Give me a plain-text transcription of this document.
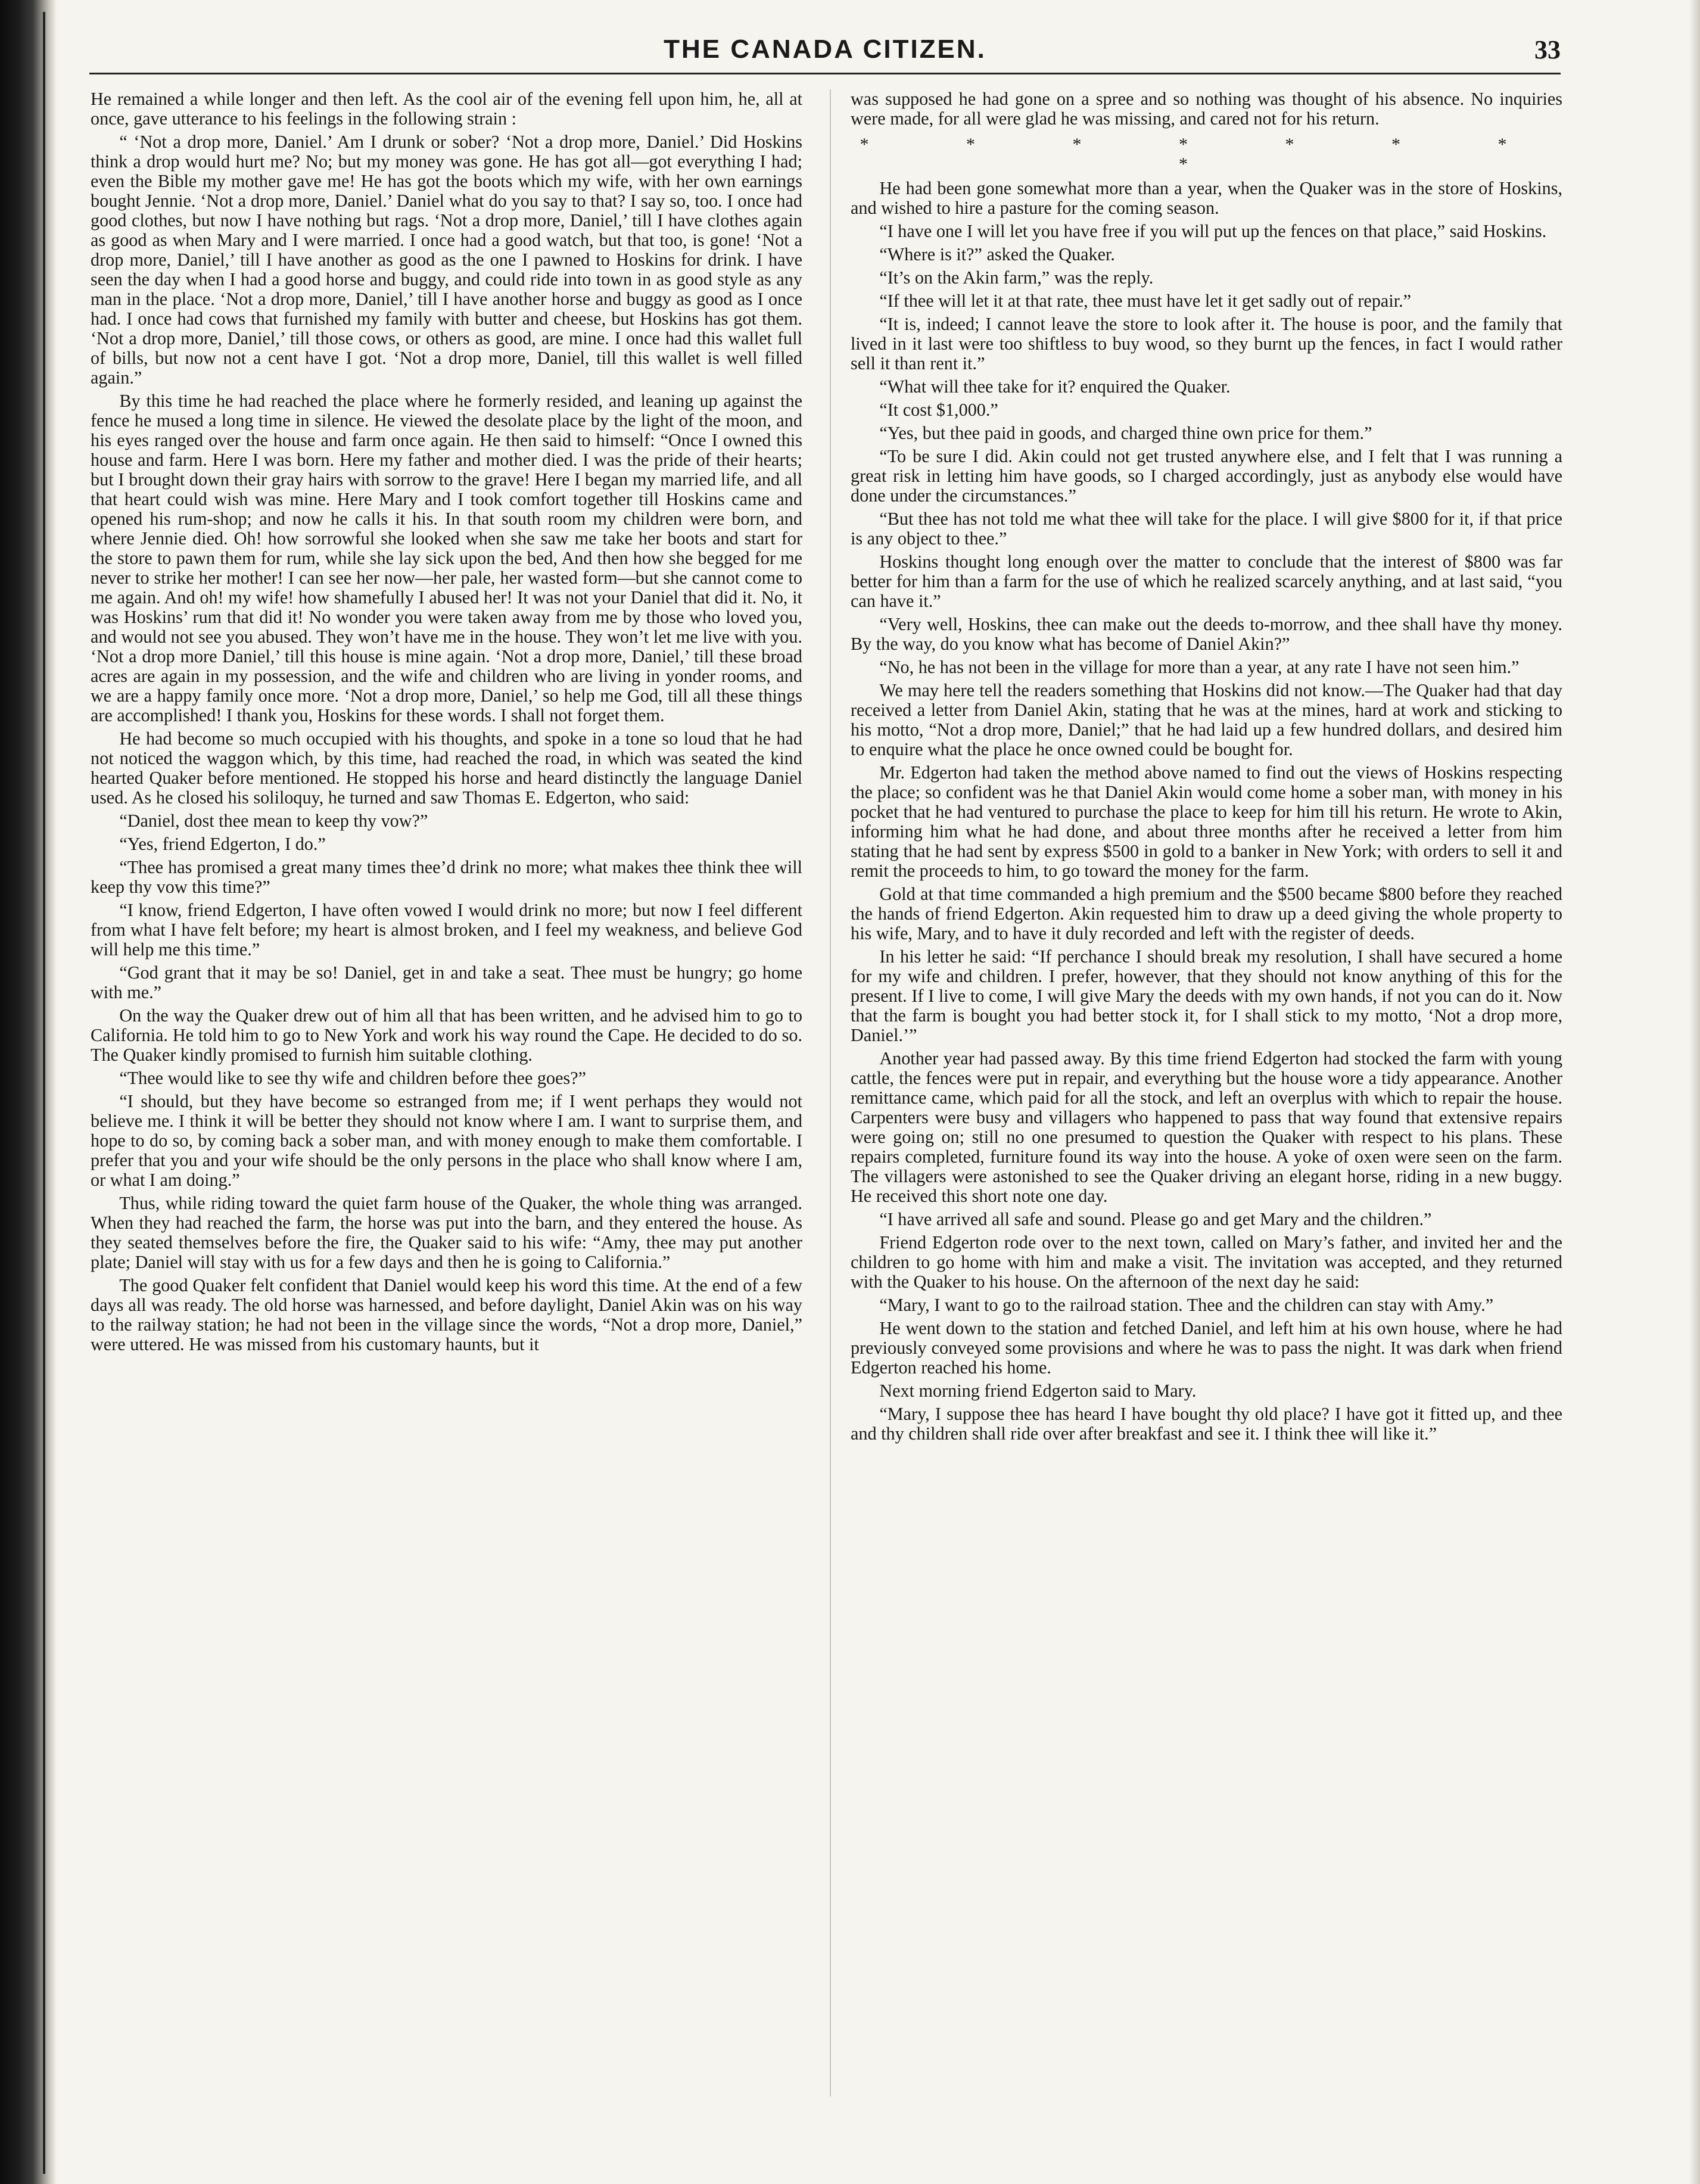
THE CANADA CITIZEN.	33

He remained a while longer and then left. As the cool air of the evening fell upon him, he, all at once, gave utterance to his feelings in the following strain :

“ ‘Not a drop more, Daniel.’ Am I drunk or sober? ‘Not a drop more, Daniel.’ Did Hoskins think a drop would hurt me? No; but my money was gone. He has got all—got everything I had; even the Bible my mother gave me! He has got the boots which my wife, with her own earnings bought Jennie. ‘Not a drop more, Daniel.’ Daniel what do you say to that? I say so, too. I once had good clothes, but now I have nothing but rags. ‘Not a drop more, Daniel,’ till I have clothes again as good as when Mary and I were married. I once had a good watch, but that too, is gone! ‘Not a drop more, Daniel,’ till I have another as good as the one I pawned to Hoskins for drink. I have seen the day when I had a good horse and buggy, and could ride into town in as good style as any man in the place. ‘Not a drop more, Daniel,’ till I have another horse and buggy as good as I once had. I once had cows that furnished my family with butter and cheese, but Hoskins has got them. ‘Not a drop more, Daniel,’ till those cows, or others as good, are mine. I once had this wallet full of bills, but now not a cent have I got. ‘Not a drop more, Daniel, till this wallet is well filled again.”

By this time he had reached the place where he formerly resided, and leaning up against the fence he mused a long time in silence. He viewed the desolate place by the light of the moon, and his eyes ranged over the house and farm once again. He then said to himself: “Once I owned this house and farm. Here I was born. Here my father and mother died. I was the pride of their hearts; but I brought down their gray hairs with sorrow to the grave! Here I began my married life, and all that heart could wish was mine. Here Mary and I took comfort together till Hoskins came and opened his rum-shop; and now he calls it his. In that south room my children were born, and where Jennie died. Oh! how sorrowful she looked when she saw me take her boots and start for the store to pawn them for rum, while she lay sick upon the bed, And then how she begged for me never to strike her mother! I can see her now—her pale, her wasted form—but she cannot come to me again. And oh! my wife! how shamefully I abused her! It was not your Daniel that did it. No, it was Hoskins’ rum that did it! No wonder you were taken away from me by those who loved you, and would not see you abused. They won’t have me in the house. They won’t let me live with you. ‘Not a drop more Daniel,’ till this house is mine again. ‘Not a drop more, Daniel,’ till these broad acres are again in my possession, and the wife and children who are living in yonder rooms, and we are a happy family once more. ‘Not a drop more, Daniel,’ so help me God, till all these things are accomplished! I thank you, Hoskins for these words. I shall not forget them.

He had become so much occupied with his thoughts, and spoke in a tone so loud that he had not noticed the waggon which, by this time, had reached the road, in which was seated the kind hearted Quaker before mentioned. He stopped his horse and heard distinctly the language Daniel used. As he closed his soliloquy, he turned and saw Thomas E. Edgerton, who said:

“Daniel, dost thee mean to keep thy vow?”

“Yes, friend Edgerton, I do.”

“Thee has promised a great many times thee’d drink no more; what makes thee think thee will keep thy vow this time?”

“I know, friend Edgerton, I have often vowed I would drink no more; but now I feel different from what I have felt before; my heart is almost broken, and I feel my weakness, and believe God will help me this time.”

“God grant that it may be so! Daniel, get in and take a seat. Thee must be hungry; go home with me.”

On the way the Quaker drew out of him all that has been written, and he advised him to go to California. He told him to go to New York and work his way round the Cape. He decided to do so. The Quaker kindly promised to furnish him suitable clothing.

“Thee would like to see thy wife and children before thee goes?”

“I should, but they have become so estranged from me; if I went perhaps they would not believe me. I think it will be better they should not know where I am. I want to surprise them, and hope to do so, by coming back a sober man, and with money enough to make them comfortable. I prefer that you and your wife should be the only persons in the place who shall know where I am, or what I am doing.”

Thus, while riding toward the quiet farm house of the Quaker, the whole thing was arranged. When they had reached the farm, the horse was put into the barn, and they entered the house. As they seated themselves before the fire, the Quaker said to his wife: “Amy, thee may put another plate; Daniel will stay with us for a few days and then he is going to California.”

The good Quaker felt confident that Daniel would keep his word this time. At the end of a few days all was ready. The old horse was harnessed, and before daylight, Daniel Akin was on his way to the railway station; he had not been in the village since the words, “Not a drop more, Daniel,” were uttered. He was missed from his customary haunts, but it

was supposed he had gone on a spree and so nothing was thought of his absence. No inquiries were made, for all were glad he was missing, and cared not for his return.

* * * * * * * *

He had been gone somewhat more than a year, when the Quaker was in the store of Hoskins, and wished to hire a pasture for the coming season.

“I have one I will let you have free if you will put up the fences on that place,” said Hoskins.

“Where is it?” asked the Quaker.

“It’s on the Akin farm,” was the reply.

“If thee will let it at that rate, thee must have let it get sadly out of repair.”

“It is, indeed; I cannot leave the store to look after it. The house is poor, and the family that lived in it last were too shiftless to buy wood, so they burnt up the fences, in fact I would rather sell it than rent it.”

“What will thee take for it? enquired the Quaker.

“It cost $1,000.”

“Yes, but thee paid in goods, and charged thine own price for them.”

“To be sure I did. Akin could not get trusted anywhere else, and I felt that I was running a great risk in letting him have goods, so I charged accordingly, just as anybody else would have done under the circumstances.”

“But thee has not told me what thee will take for the place. I will give $800 for it, if that price is any object to thee.”

Hoskins thought long enough over the matter to conclude that the interest of $800 was far better for him than a farm for the use of which he realized scarcely anything, and at last said, “you can have it.”

“Very well, Hoskins, thee can make out the deeds to-morrow, and thee shall have thy money. By the way, do you know what has become of Daniel Akin?”

“No, he has not been in the village for more than a year, at any rate I have not seen him.”

We may here tell the readers something that Hoskins did not know.—The Quaker had that day received a letter from Daniel Akin, stating that he was at the mines, hard at work and sticking to his motto, “Not a drop more, Daniel;” that he had laid up a few hundred dollars, and desired him to enquire what the place he once owned could be bought for.

Mr. Edgerton had taken the method above named to find out the views of Hoskins respecting the place; so confident was he that Daniel Akin would come home a sober man, with money in his pocket that he had ventured to purchase the place to keep for him till his return. He wrote to Akin, informing him what he had done, and about three months after he received a letter from him stating that he had sent by express $500 in gold to a banker in New York; with orders to sell it and remit the proceeds to him, to go toward the money for the farm.

Gold at that time commanded a high premium and the $500 became $800 before they reached the hands of friend Edgerton. Akin requested him to draw up a deed giving the whole property to his wife, Mary, and to have it duly recorded and left with the register of deeds.

In his letter he said: “If perchance I should break my resolution, I shall have secured a home for my wife and children. I prefer, however, that they should not know anything of this for the present. If I live to come, I will give Mary the deeds with my own hands, if not you can do it. Now that the farm is bought you had better stock it, for I shall stick to my motto, ‘Not a drop more, Daniel.’”

Another year had passed away. By this time friend Edgerton had stocked the farm with young cattle, the fences were put in repair, and everything but the house wore a tidy appearance. Another remittance came, which paid for all the stock, and left an overplus with which to repair the house. Carpenters were busy and villagers who happened to pass that way found that extensive repairs were going on; still no one presumed to question the Quaker with respect to his plans. These repairs completed, furniture found its way into the house. A yoke of oxen were seen on the farm. The villagers were astonished to see the Quaker driving an elegant horse, riding in a new buggy. He received this short note one day.

“I have arrived all safe and sound. Please go and get Mary and the children.”

Friend Edgerton rode over to the next town, called on Mary’s father, and invited her and the children to go home with him and make a visit. The invitation was accepted, and they returned with the Quaker to his house. On the afternoon of the next day he said:

“Mary, I want to go to the railroad station. Thee and the children can stay with Amy.”

He went down to the station and fetched Daniel, and left him at his own house, where he had previously conveyed some provisions and where he was to pass the night. It was dark when friend Edgerton reached his home.

Next morning friend Edgerton said to Mary.

“Mary, I suppose thee has heard I have bought thy old place? I have got it fitted up, and thee and thy children shall ride over after breakfast and see it. I think thee will like it.”
